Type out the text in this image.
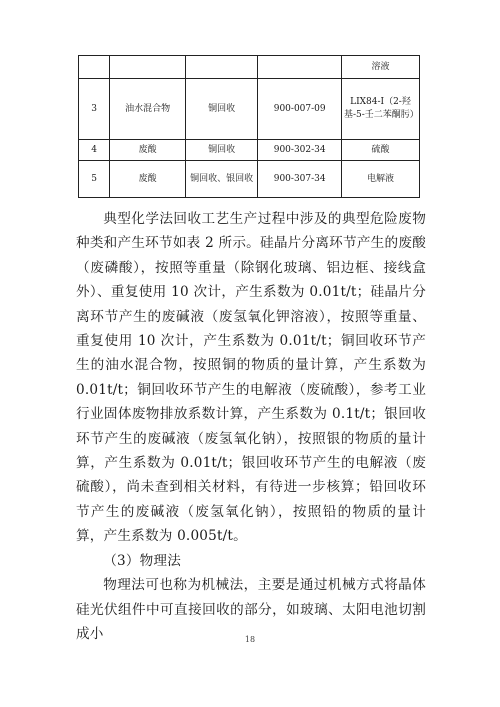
				溶液
3	油水混合物	铜回收	900-007-09	LIX84-I（2-羟基-5-壬二苯酮肟）
4	废酸	铜回收	900-302-34	硫酸
5	废酸	铜回收、银回收	900-307-34	电解液

典型化学法回收工艺生产过程中涉及的典型危险废物种类和产生环节如表 2 所示。硅晶片分离环节产生的废酸（废磷酸），按照等重量（除钢化玻璃、铝边框、接线盒外）、重复使用 10 次计，产生系数为 0.01t/t；硅晶片分离环节产生的废碱液（废氢氧化钾溶液），按照等重量、重复使用 10 次计，产生系数为 0.01t/t；铜回收环节产生的油水混合物，按照铜的物质的量计算，产生系数为 0.01t/t；铜回收环节产生的电解液（废硫酸），参考工业行业固体废物排放系数计算，产生系数为 0.1t/t；银回收环节产生的废碱液（废氢氧化钠），按照银的物质的量计算，产生系数为 0.01t/t；银回收环节产生的电解液（废硫酸），尚未查到相关材料，有待进一步核算；铅回收环节产生的废碱液（废氢氧化钠），按照铅的物质的量计算，产生系数为 0.005t/t。

（3）物理法

物理法可也称为机械法，主要是通过机械方式将晶体硅光伏组件中可直接回收的部分，如玻璃、太阳电池切割成小	18
